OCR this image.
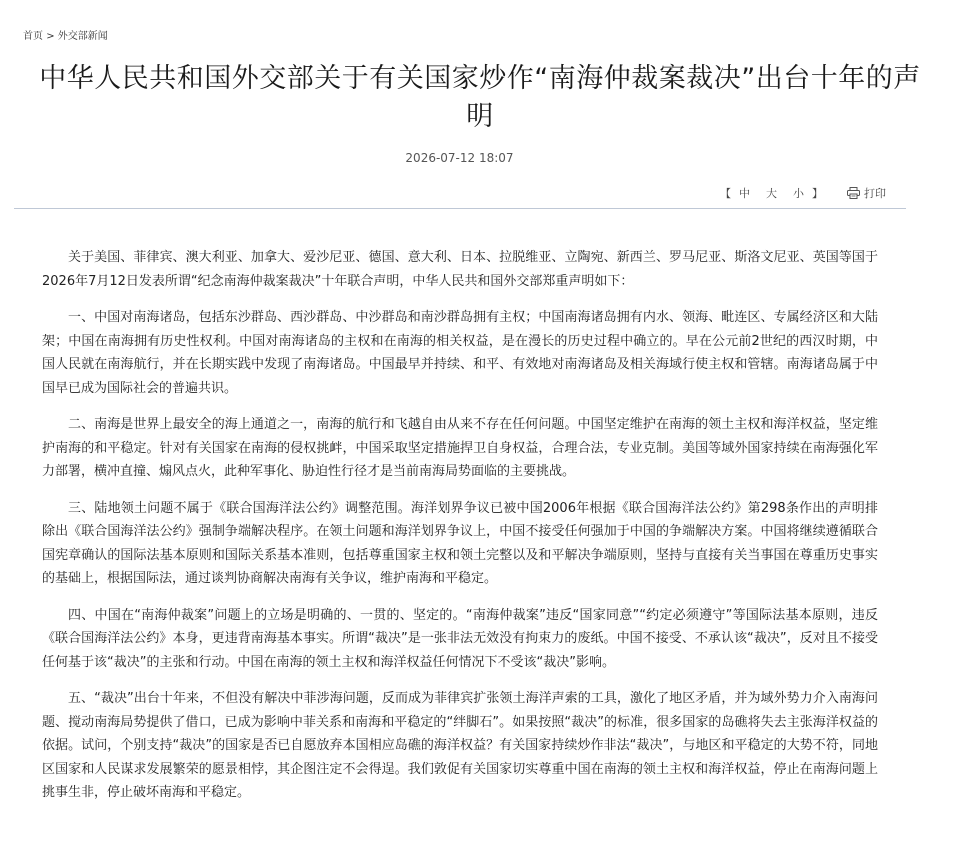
首页 > 外交部新闻
中华人民共和国外交部关于有关国家炒作“南海仲裁案裁决”出台十年的声明
2026-07-12 18:07
【 中 大 小 】	打印

关于美国、菲律宾、澳大利亚、加拿大、爱沙尼亚、德国、意大利、日本、拉脱维亚、立陶宛、新西兰、罗马尼亚、斯洛文尼亚、英国等国于2026年7月12日发表所谓“纪念南海仲裁案裁决”十年联合声明，中华人民共和国外交部郑重声明如下：

一、中国对南海诸岛，包括东沙群岛、西沙群岛、中沙群岛和南沙群岛拥有主权；中国南海诸岛拥有内水、领海、毗连区、专属经济区和大陆架；中国在南海拥有历史性权利。中国对南海诸岛的主权和在南海的相关权益，是在漫长的历史过程中确立的。早在公元前2世纪的西汉时期，中国人民就在南海航行，并在长期实践中发现了南海诸岛。中国最早并持续、和平、有效地对南海诸岛及相关海域行使主权和管辖。南海诸岛属于中国早已成为国际社会的普遍共识。

二、南海是世界上最安全的海上通道之一，南海的航行和飞越自由从来不存在任何问题。中国坚定维护在南海的领土主权和海洋权益，坚定维护南海的和平稳定。针对有关国家在南海的侵权挑衅，中国采取坚定措施捍卫自身权益，合理合法，专业克制。美国等域外国家持续在南海强化军力部署，横冲直撞、煽风点火，此种军事化、胁迫性行径才是当前南海局势面临的主要挑战。

三、陆地领土问题不属于《联合国海洋法公约》调整范围。海洋划界争议已被中国2006年根据《联合国海洋法公约》第298条作出的声明排除出《联合国海洋法公约》强制争端解决程序。在领土问题和海洋划界争议上，中国不接受任何强加于中国的争端解决方案。中国将继续遵循联合国宪章确认的国际法基本原则和国际关系基本准则，包括尊重国家主权和领土完整以及和平解决争端原则，坚持与直接有关当事国在尊重历史事实的基础上，根据国际法，通过谈判协商解决南海有关争议，维护南海和平稳定。

四、中国在“南海仲裁案”问题上的立场是明确的、一贯的、坚定的。“南海仲裁案”违反“国家同意”“约定必须遵守”等国际法基本原则，违反《联合国海洋法公约》本身，更违背南海基本事实。所谓“裁决”是一张非法无效没有拘束力的废纸。中国不接受、不承认该“裁决”，反对且不接受任何基于该“裁决”的主张和行动。中国在南海的领土主权和海洋权益任何情况下不受该“裁决”影响。

五、“裁决”出台十年来，不但没有解决中菲涉海问题，反而成为菲律宾扩张领土海洋声索的工具，激化了地区矛盾，并为域外势力介入南海问题、搅动南海局势提供了借口，已成为影响中菲关系和南海和平稳定的“绊脚石”。如果按照“裁决”的标准，很多国家的岛礁将失去主张海洋权益的依据。试问，个别支持“裁决”的国家是否已自愿放弃本国相应岛礁的海洋权益？有关国家持续炒作非法“裁决”，与地区和平稳定的大势不符，同地区国家和人民谋求发展繁荣的愿景相悖，其企图注定不会得逞。我们敦促有关国家切实尊重中国在南海的领土主权和海洋权益，停止在南海问题上挑事生非，停止破坏南海和平稳定。
